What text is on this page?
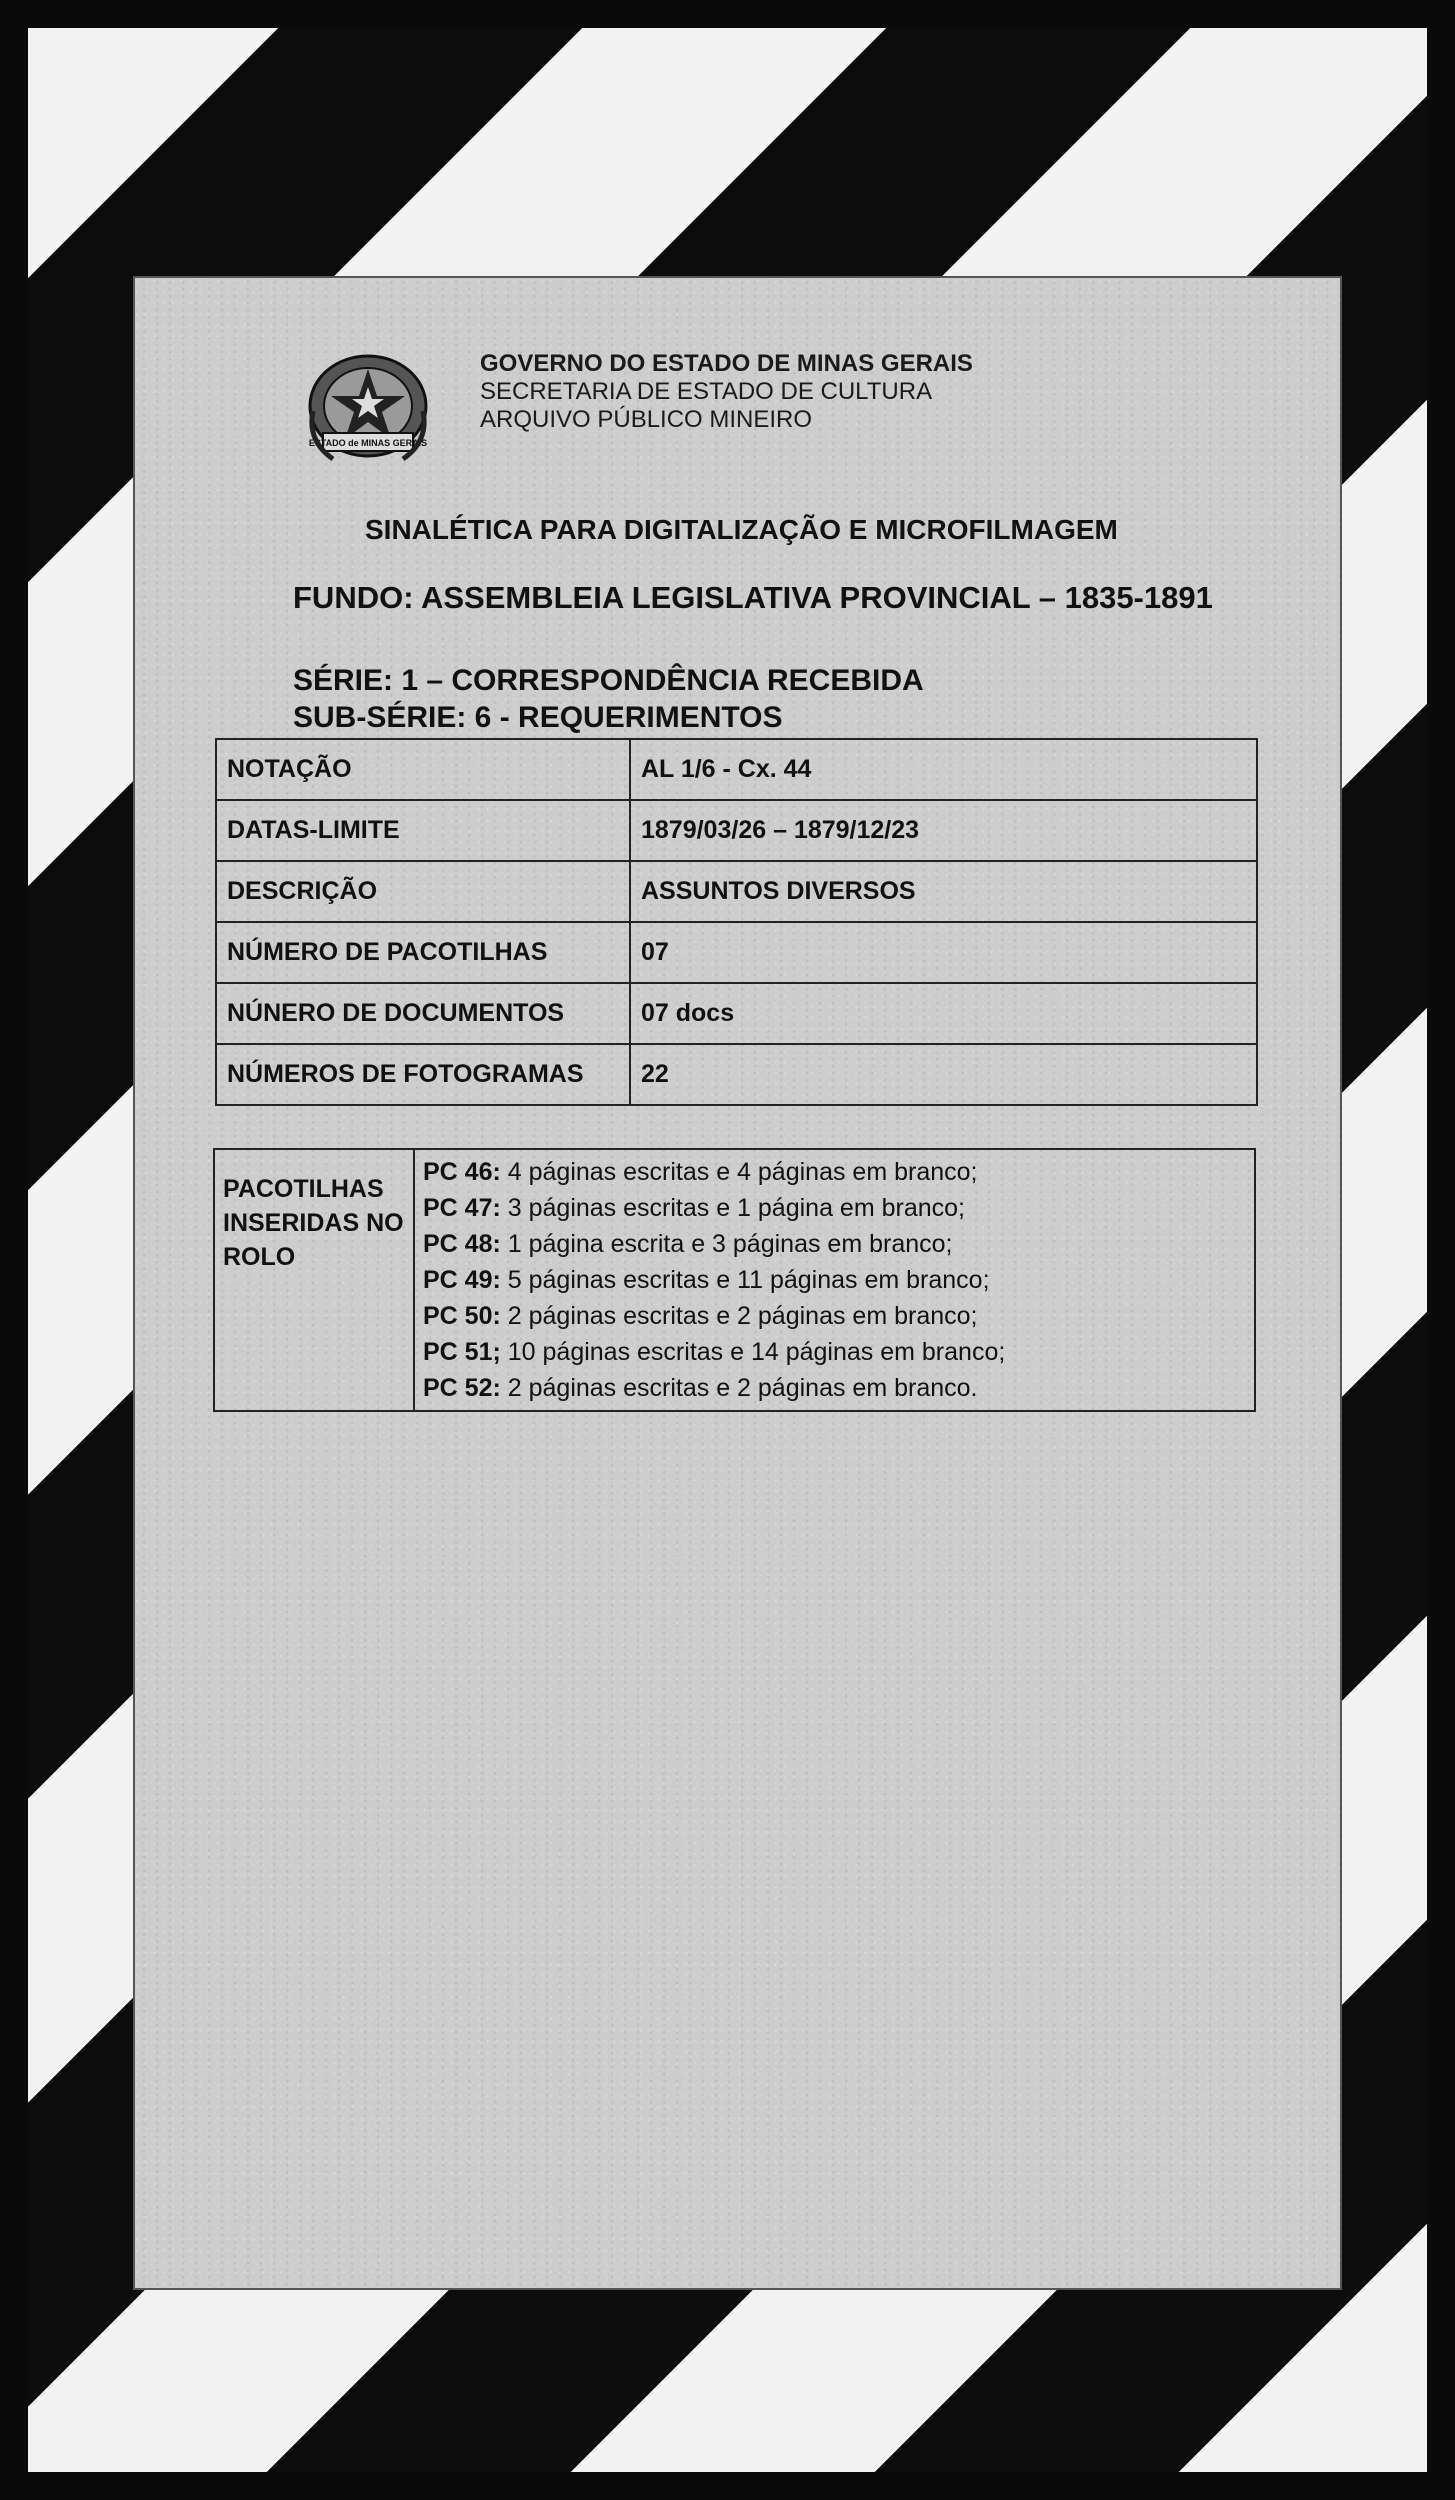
ESTADO de MINAS GERAIS
GOVERNO DO ESTADO DE MINAS GERAIS
SECRETARIA DE ESTADO DE CULTURA
ARQUIVO PÚBLICO MINEIRO
SINALÉTICA PARA DIGITALIZAÇÃO E MICROFILMAGEM
FUNDO: ASSEMBLEIA LEGISLATIVA PROVINCIAL – 1835-1891
SÉRIE: 1 – CORRESPONDÊNCIA RECEBIDA
SUB-SÉRIE: 6 - REQUERIMENTOS
NOTAÇÃO	AL 1/6 - Cx. 44
DATAS-LIMITE	1879/03/26 – 1879/12/23
DESCRIÇÃO	ASSUNTOS DIVERSOS
NÚMERO DE PACOTILHAS	07
NÚNERO DE DOCUMENTOS	07 docs
NÚMEROS DE FOTOGRAMAS	22
PACOTILHAS
INSERIDAS NO
ROLO

PC 46: 4 páginas escritas e 4 páginas em branco;
PC 47: 3 páginas escritas e 1 página em branco;
PC 48: 1 página escrita e 3 páginas em branco;
PC 49: 5 páginas escritas e 11 páginas em branco;
PC 50: 2 páginas escritas e 2 páginas em branco;
PC 51; 10 páginas escritas e 14 páginas em branco;
PC 52: 2 páginas escritas e 2 páginas em branco.
